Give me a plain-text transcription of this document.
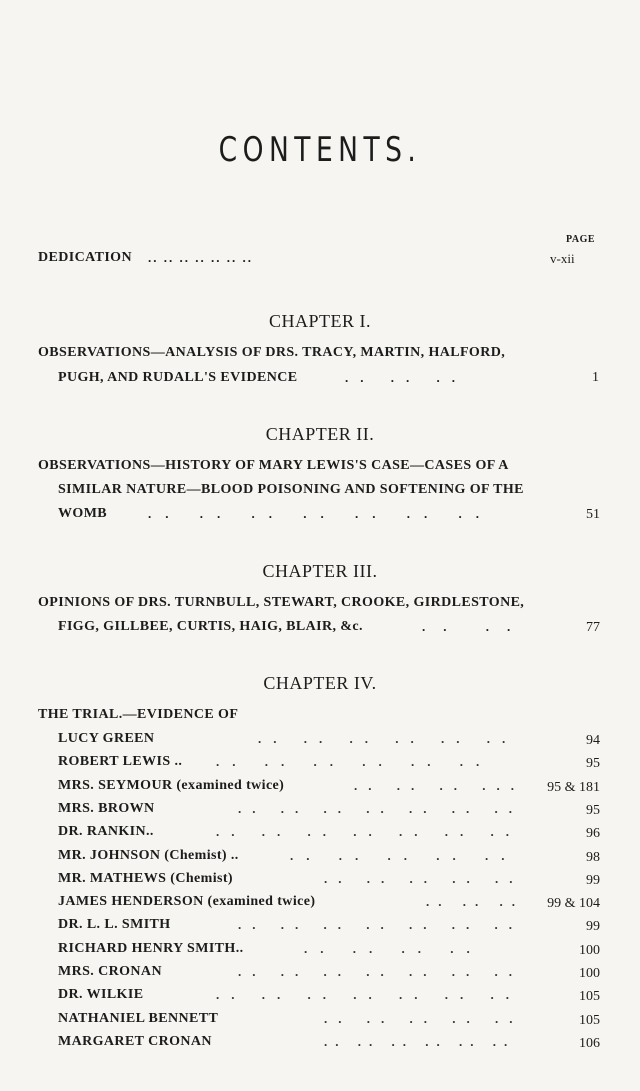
CONTENTS.
PAGE
DEDICATION .. .. .. .. .. .. ..	v-xii
CHAPTER I.
OBSERVATIONS—ANALYSIS OF DRS. TRACY, MARTIN, HALFORD,
PUGH, AND RUDALL'S EVIDENCE	.. .. ..	1
CHAPTER II.
OBSERVATIONS—HISTORY OF MARY LEWIS'S CASE—CASES OF A
SIMILAR NATURE—BLOOD POISONING AND SOFTENING OF THE
WOMB	.. .. .. .. .. .. ..	51
CHAPTER III.
OPINIONS OF DRS. TURNBULL, STEWART, CROOKE, GIRDLESTONE,
FIGG, GILLBEE, CURTIS, HAIG, BLAIR, &c.	.. ..	77
CHAPTER IV.
THE TRIAL.—EVIDENCE OF
LUCY GREEN	.. .. .. .. .. ..	94
ROBERT LEWIS ..	.. .. .. .. .. ..	95
MRS. SEYMOUR (examined twice)	.. .. .. ... 95 & 181
MRS. BROWN	.. .. .. .. .. .. ..	95
DR. RANKIN..	.. .. .. .. .. .. ..	96
MR. JOHNSON (Chemist) ..	.. .. .. .. ..	98
MR. MATHEWS (Chemist)	.. .. .. .. ..	99
JAMES HENDERSON (examined twice)	.. .. .. 99 & 104
DR. L. L. SMITH	.. .. .. .. .. .. ..	99
RICHARD HENRY SMITH..	.. .. .. ..	100
MRS. CRONAN	.. .. .. .. .. .. ..	100
DR. WILKIE	.. .. .. .. .. .. ..	105
NATHANIEL BENNETT	.. .. .. .. ..	105
MARGARET CRONAN	.. .. .. .. .. ..	106
